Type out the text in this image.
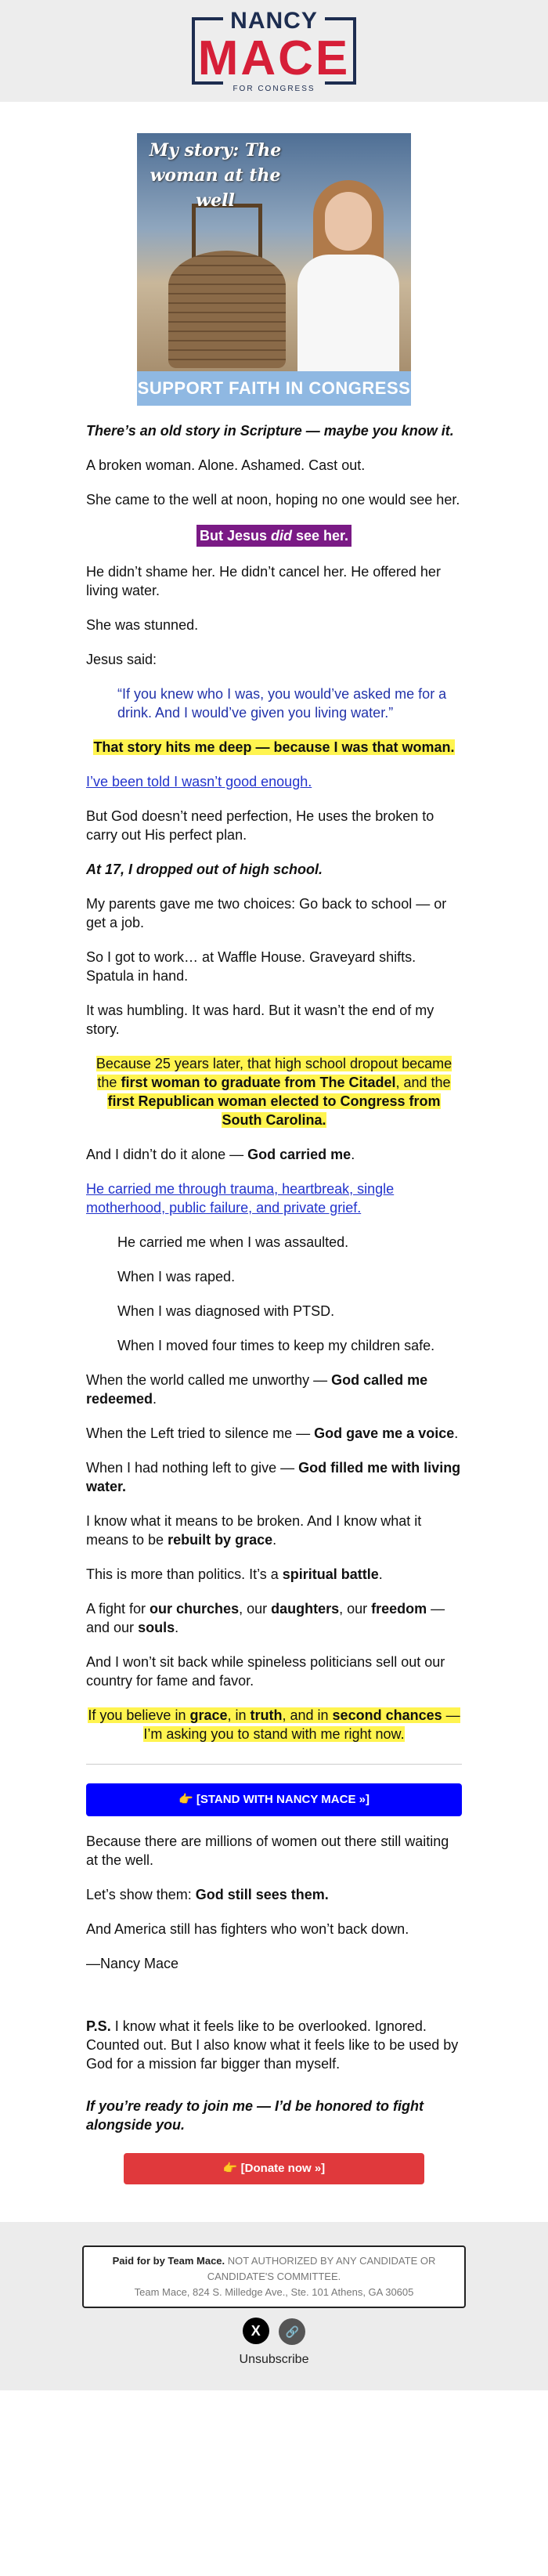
NANCY
MACE
FOR CONGRESS
My story: The woman at the well
SUPPORT FAITH IN CONGRESS

There’s an old story in Scripture — maybe you know it.

A broken woman. Alone. Ashamed. Cast out.

She came to the well at noon, hoping no one would see her.

But Jesus did see her.

He didn’t shame her. He didn’t cancel her. He offered her living water.

She was stunned.

Jesus said:

“If you knew who I was, you would’ve asked me for a drink. And I would’ve given you living water.”

That story hits me deep — because I was that woman.

I’ve been told I wasn’t good enough.

But God doesn’t need perfection, He uses the broken to carry out His perfect plan.

At 17, I dropped out of high school.

My parents gave me two choices: Go back to school — or get a job.

So I got to work… at Waffle House. Graveyard shifts. Spatula in hand.

It was humbling. It was hard. But it wasn’t the end of my story.

Because 25 years later, that high school dropout became the first woman to graduate from The Citadel, and the first Republican woman elected to Congress from South Carolina.

And I didn’t do it alone — God carried me.

He carried me through trauma, heartbreak, single motherhood, public failure, and private grief.

He carried me when I was assaulted.

When I was raped.

When I was diagnosed with PTSD.

When I moved four times to keep my children safe.

When the world called me unworthy — God called me redeemed.

When the Left tried to silence me — God gave me a voice.

When I had nothing left to give — God filled me with living water.

I know what it means to be broken. And I know what it means to be rebuilt by grace.

This is more than politics. It’s a spiritual battle.

A fight for our churches, our daughters, our freedom — and our souls.

And I won’t sit back while spineless politicians sell out our country for fame and favor.

If you believe in grace, in truth, and in second chances — I’m asking you to stand with me right now.

👉 [STAND WITH NANCY MACE »]

Because there are millions of women out there still waiting at the well.

Let’s show them: God still sees them.

And America still has fighters who won’t back down.

—Nancy Mace

P.S. I know what it feels like to be overlooked. Ignored. Counted out. But I also know what it feels like to be used by God for a mission far bigger than myself.

If you’re ready to join me — I’d be honored to fight alongside you.

👉 [Donate now »]
Paid for by Team Mace. NOT AUTHORIZED BY ANY CANDIDATE OR CANDIDATE'S COMMITTEE.
Team Mace, 824 S. Milledge Ave., Ste. 101 Athens, GA 30605
X 🔗
Unsubscribe
